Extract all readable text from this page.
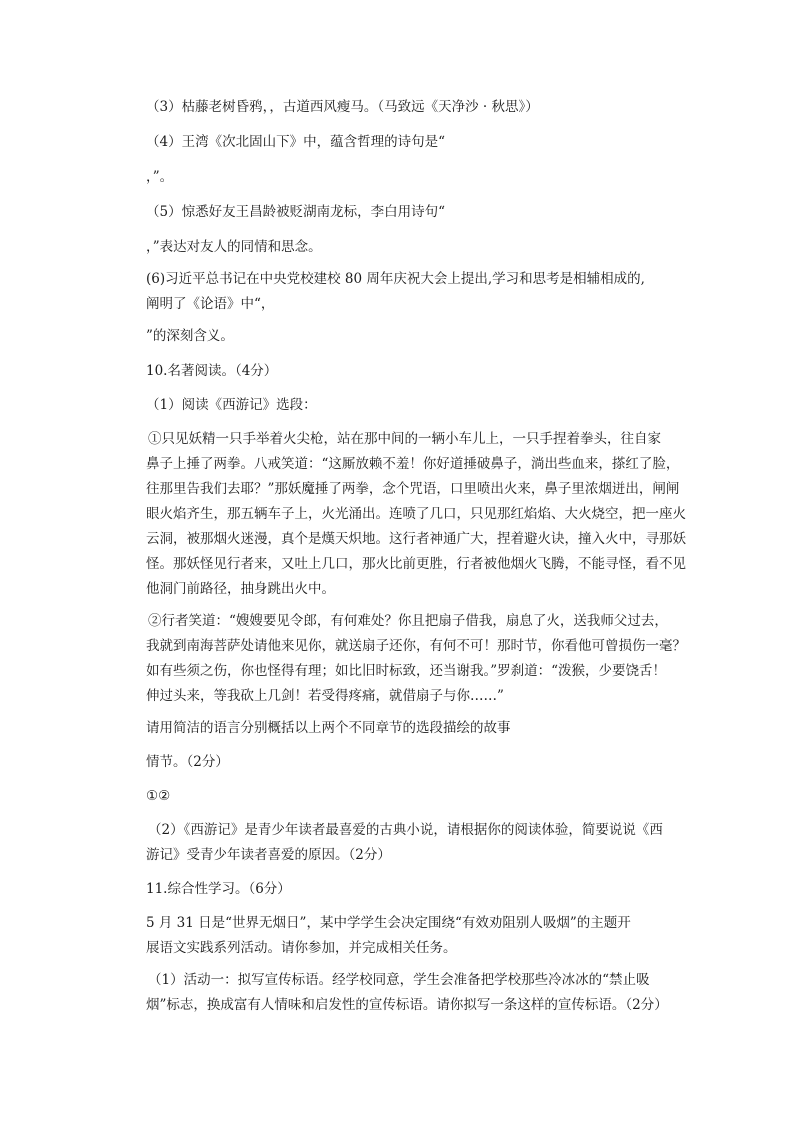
（3）枯藤老树昏鸦，，古道西风瘦马。（马致远《天净沙 · 秋思》）

（4）王湾《次北固山下》中，蕴含哲理的诗句是“

，”。

（5）惊悉好友王昌龄被贬湖南龙标，李白用诗句“

，”表达对友人的同情和思念。

(6)习近平总书记在中央党校建校 80 周年庆祝大会上提出,学习和思考是相辅相成的,

阐明了《论语》中“，

”的深刻含义。

10.名著阅读。（4分）

（1）阅读《西游记》选段：

①只见妖精一只手举着火尖枪，站在那中间的一辆小车儿上，一只手捏着拳头，往自家

鼻子上捶了两拳。八戒笑道：“这厮放赖不羞！你好道捶破鼻子，淌出些血来，搽红了脸，

往那里告我们去耶？”那妖魔捶了两拳，念个咒语，口里喷出火来，鼻子里浓烟迸出，闸闸

眼火焰齐生，那五辆车子上，火光涌出。连喷了几口，只见那红焰焰、大火烧空，把一座火

云洞，被那烟火迷漫，真个是熯天炽地。这行者神通广大，捏着避火诀，撞入火中，寻那妖

怪。那妖怪见行者来，又吐上几口，那火比前更胜，行者被他烟火飞腾，不能寻怪，看不见

他洞门前路径，抽身跳出火中。

②行者笑道：“嫂嫂要见令郎，有何难处？你且把扇子借我，扇息了火，送我师父过去，

我就到南海菩萨处请他来见你，就送扇子还你，有何不可！那时节，你看他可曾损伤一毫？

如有些须之伤，你也怪得有理；如比旧时标致，还当谢我。”罗刹道：“泼猴，少要饶舌！

伸过头来，等我砍上几剑！若受得疼痛，就借扇子与你……”

请用简洁的语言分别概括以上两个不同章节的选段描绘的故事

情节。（2分）

①②

（2）《西游记》是青少年读者最喜爱的古典小说，请根据你的阅读体验，简要说说《西

游记》受青少年读者喜爱的原因。（2分）

11.综合性学习。（6分）

5 月 31 日是“世界无烟日”，某中学学生会决定围绕“有效劝阻别人吸烟”的主题开

展语文实践系列活动。请你参加，并完成相关任务。

（1）活动一：拟写宣传标语。经学校同意，学生会准备把学校那些冷冰冰的“禁止吸

烟”标志，换成富有人情味和启发性的宣传标语。请你拟写一条这样的宣传标语。（2分）
